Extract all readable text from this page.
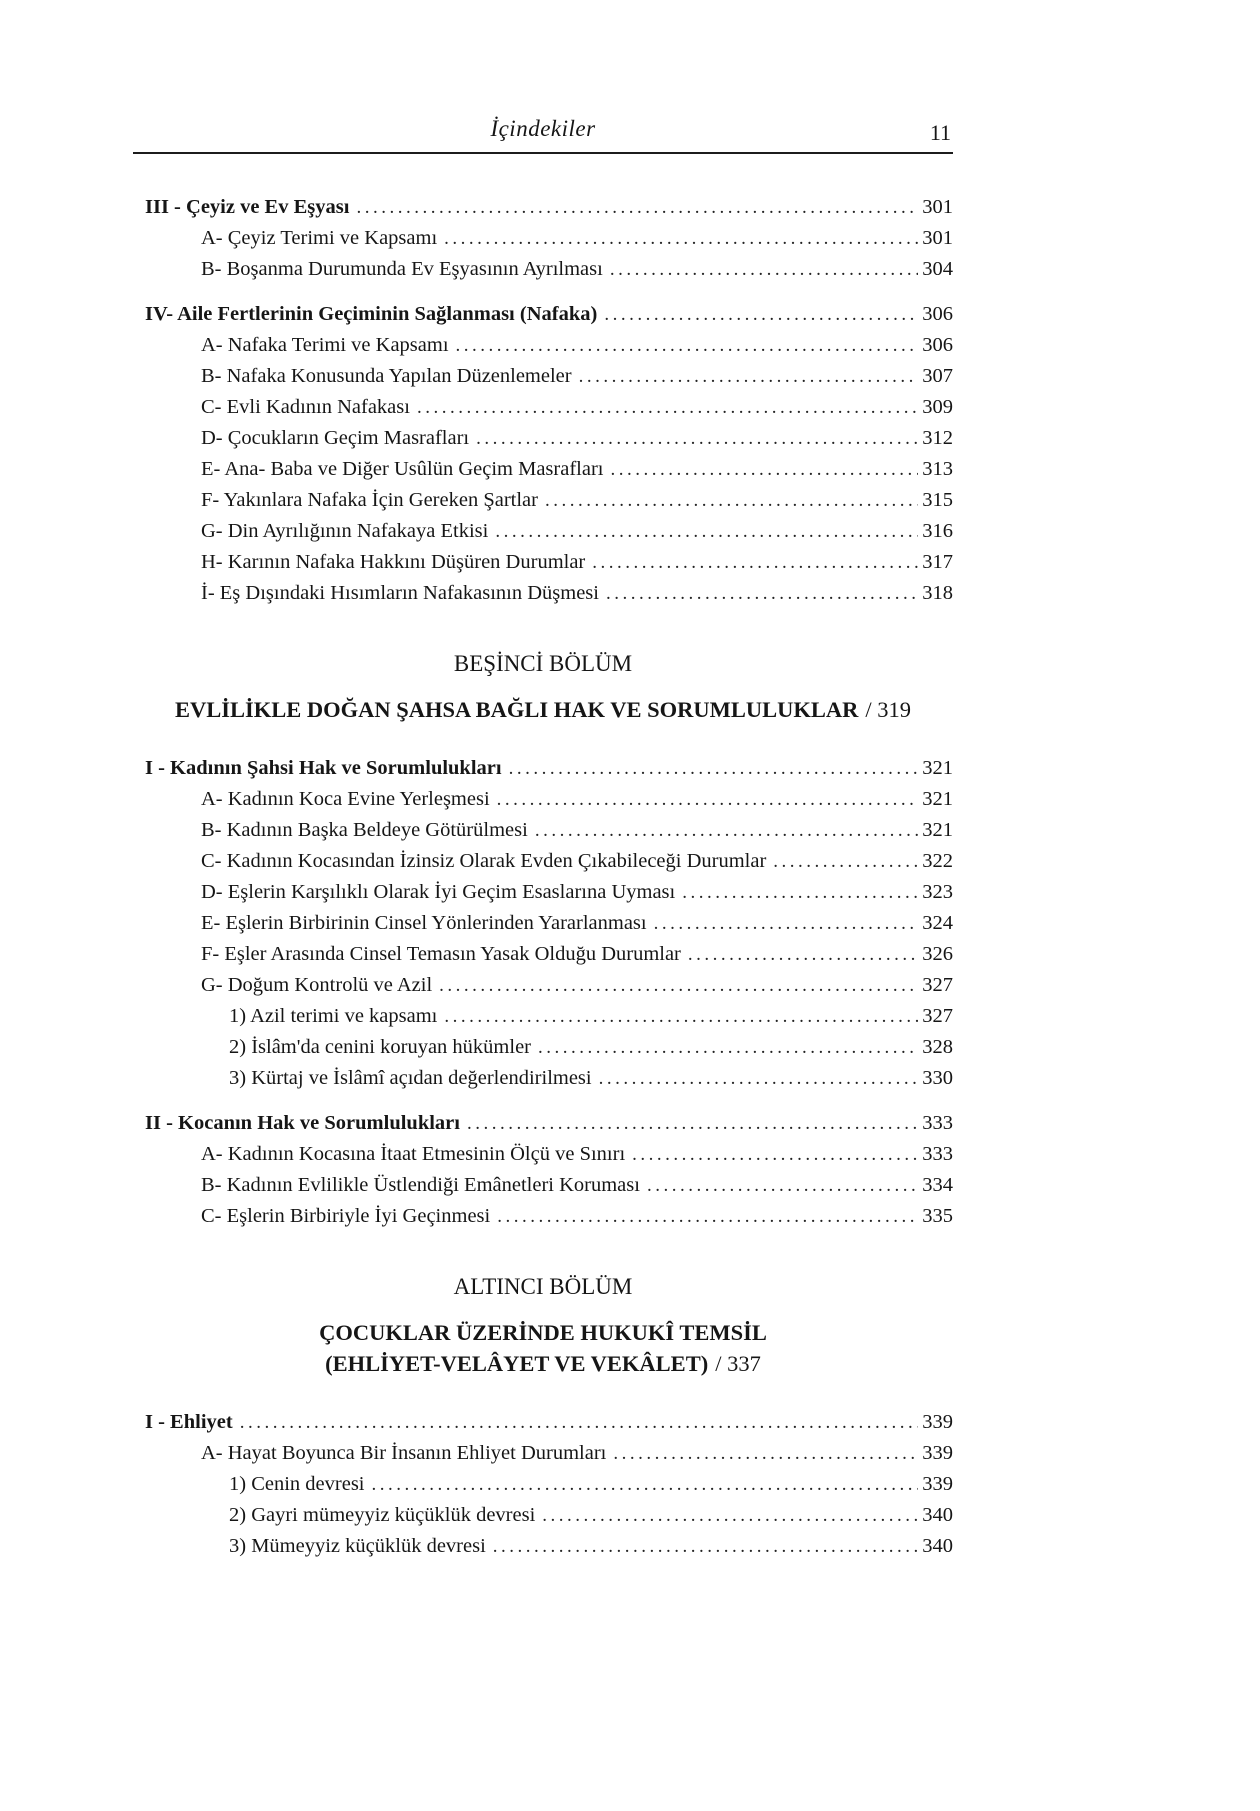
İçindekiler	11
III - Çeyiz ve Ev Eşyası .....	301
A- Çeyiz Terimi ve Kapsamı .....	301
B- Boşanma Durumunda Ev Eşyasının Ayrılması .....	304
IV- Aile Fertlerinin Geçiminin Sağlanması (Nafaka) .....	306
A- Nafaka Terimi ve Kapsamı .....	306
B- Nafaka Konusunda Yapılan Düzenlemeler .....	307
C- Evli Kadının Nafakası .....	309
D- Çocukların Geçim Masrafları .....	312
E- Ana- Baba ve Diğer Usûlün Geçim Masrafları .....	313
F- Yakınlara Nafaka İçin Gereken Şartlar .....	315
G- Din Ayrılığının Nafakaya Etkisi .....	316
H- Karının Nafaka Hakkını Düşüren Durumlar .....	317
İ- Eş Dışındaki Hısımların Nafakasının Düşmesi .....	318
BEŞİNCİ BÖLÜM
EVLİLİKLE DOĞAN ŞAHSA BAĞLI HAK VE SORUMLULUKLAR / 319
I - Kadının Şahsi Hak ve Sorumlulukları .....	321
A- Kadının Koca Evine Yerleşmesi .....	321
B- Kadının Başka Beldeye Götürülmesi .....	321
C- Kadının Kocasından İzinsiz Olarak Evden Çıkabileceği Durumlar .....	322
D- Eşlerin Karşılıklı Olarak İyi Geçim Esaslarına Uyması .....	323
E- Eşlerin Birbirinin Cinsel Yönlerinden Yararlanması .....	324
F- Eşler Arasında Cinsel Temasın Yasak Olduğu Durumlar .....	326
G- Doğum Kontrolü ve Azil .....	327
1) Azil terimi ve kapsamı .....	327
2) İslâm'da cenini koruyan hükümler .....	328
3) Kürtaj ve İslâmî açıdan değerlendirilmesi .....	330
II - Kocanın Hak ve Sorumlulukları .....	333
A- Kadının Kocasına İtaat Etmesinin Ölçü ve Sınırı .....	333
B- Kadının Evlilikle Üstlendiği Emânetleri Koruması .....	334
C- Eşlerin Birbiriyle İyi Geçinmesi .....	335
ALTINCI BÖLÜM
ÇOCUKLAR ÜZERİNDE HUKUKÎ TEMSİL
(EHLİYET-VELÂYET VE VEKÂLET) / 337
I - Ehliyet .....	339
A- Hayat Boyunca Bir İnsanın Ehliyet Durumları .....	339
1) Cenin devresi .....	339
2) Gayri mümeyyiz küçüklük devresi .....	340
3) Mümeyyiz küçüklük devresi .....	340
